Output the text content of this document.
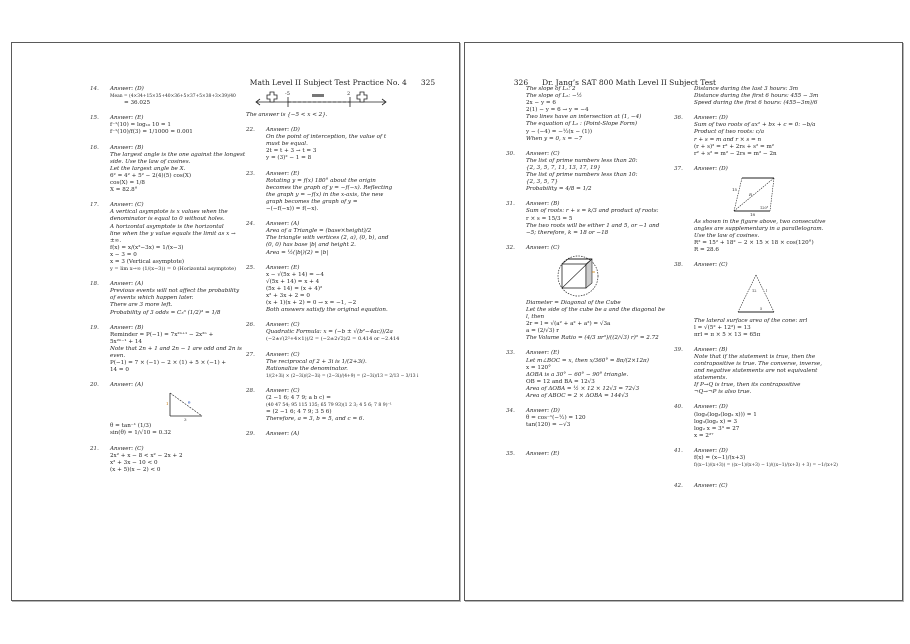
Math Level II Subject Test Practice No. 4 325	326 Dr. Jang’s SAT 800 Math Level II Subject Test

14. Answer: (D)
Mean = (4×34+15×35+40×36+5×37+5×38+3×39)/40
= 36.025
15. Answer: (E)
f⁻¹(10) = log₁₀ 10 = 1
f⁻¹(10)/f(3) = 1/1000 = 0.001
16. Answer: (B)
The largest angle is the one against the longest
side. Use the law of cosines.
Let the largest angle be X.
6² = 4² + 5² − 2(4)(5) cos(X)
cos(X) = 1/8
X = 82.8°
17. Answer: (C)
A vertical asymptote is x values when the
denominator is equal to 0 without holes.
A horizontal asymptote is the horizontal
line when the y value equals the limit as x →
±∞.
f(x) = x/(x²−3x) = 1/(x−3)
x − 3 = 0
x = 3 (Vertical asymptote)
y = lim x→∞ (1/(x−3)) = 0 (Horizontal asymptote)
18. Answer: (A)
Previous events will not affect the probability
of events which happen later.
There are 3 more left.
Probability of 3 odds = C₃³ (1/2)³ = 1/8
19. Answer: (B)
Reminder = P(−1) = 7x²ⁿ⁺¹ − 2x²ⁿ +
5x²ⁿ⁻¹ + 14
Note that 2n + 1 and 2n − 1 are odd and 2n is
even.
P(−1) = 7 × (−1) − 2 × (1) + 5 × (−1) +
14 = 0
20. Answer: (A)
1
3
θ
θ = tan⁻¹ (1/3)
sin(θ) = 1/√10 = 0.32
21. Answer: (C)
2x² + x − 8 < x² − 2x + 2
x² + 3x − 10 < 0
(x + 5)(x − 2) < 0
-5	2
The answer is {−5 < x < 2}.
22. Answer: (D)
On the point of interception, the value of t
must be equal.
2t = t + 3 → t = 3
y = (3)² − 1 = 8
23. Answer: (E)
Rotating y = f(x) 180° about the origin
becomes the graph of y = −f(−x). Reflecting
the graph y = −f(x) in the x-axis, the new
graph becomes the graph of y =
−(−f(−x)) = f(−x).
24. Answer: (A)
Area of a Triangle = (base×height)/2
The triangle with vertices (2, a), (0, b), and
(0, 0) has base |b| and height 2.
Area = ½(|b|)(2) = |b|
25. Answer: (E)
x − √(5x + 14) = −4
√(5x + 14) = x + 4
(5x + 14) = (x + 4)²
x² + 3x + 2 = 0
(x + 1)(x + 2) = 0 → x = −1, −2
Both answers satisfy the original equation.
26. Answer: (C)
Quadratic Formula: x = (−b ± √(b²−4ac))/2a
(−2±√(2²+4×1))/2 = (−2±2√2)/2 = 0.414 or −2.414
27. Answer: (C)
The reciprocal of 2 + 3i is 1/(2+3i).
Rationalize the denominator.
1/(2+3i) × (2−3i)/(2−3i) = (2−3i)/(4+9) = (2−3i)/13 = 2/13 − 3/13 i
28. Answer: (C)
(2 −1 6; 4 7 9; a b c) =
(40 47 54; 95 115 135; 65 79 93)(1 2 3; 4 5 6; 7 8 9)⁻¹
= (2 −1 6; 4 7 9; 3 5 6)
Therefore, a = 3, b = 5, and c = 6.
29. Answer: (A)
The slope of L₁: 2
The slope of L₂: −½
2x − y = 6
2(1) − y = 6 → y = −4
Two lines have an intersection at (1, −4)
The equation of L₂ : (Point-Slope Form)
y − (−4) = −½(x − (1))
When y = 0, x = −7
30. Answer: (C)
The list of prime numbers less than 20:
{2, 3, 5, 7, 11, 13, 17, 19}
The list of prime numbers less than 10:
{2, 3, 5, 7}
Probability = 4/8 = 1/2
31. Answer: (B)
Sum of roots: r + s = k/3 and product of roots:
r × s = 15/3 = 5
The two roots will be either 1 and 5, or −1 and
−5; therefore, k = 18 or −18
32. Answer: (C)
Diameter = Diagonal of the Cube
Let the side of the cube be a and the diagonal be
l, then
2r = l = √(a² + a² + a²) = √3a
a = (2/√3) r
The Volume Ratio = (4/3 πr³)/((2/√3) r)³ = 2.72
33. Answer: (E)
Let m∠BOC = x, then x/360° = 8π/(2×12π)
x = 120°
ΔOBA is a 30° − 60° − 90° triangle.
OB = 12 and BA = 12√3
Area of ΔOBA = ½ × 12 × 12√3 = 72√3
Area of ABOC = 2 × ΔOBA = 144√3
34. Answer: (D)
θ = cos⁻¹(−½) = 120
tan(120) = −√3
35. Answer: (E)
Distance during the last 3 hours: 3m
Distance during the first 6 hours: 455 − 3m
Speed during the first 6 hours: (455−3m)/6
36. Answer: (D)
Sum of two roots of ax² + bx + c = 0: −b/a
Product of two roots: c/a
r + s = m and r × s = n
(r + s)² = r² + 2rs + s² = m²
r² + s² = m² − 2rs = m² − 2n
37. Answer: (D)
15
R
18
120°
As shown in the figure above, two consecutive
angles are supplementary in a parallelogram.
Use the law of cosines.
R² = 15² + 18² − 2 × 15 × 18 × cos(120°)
R = 28.6
38. Answer: (C)
12	l
5
The lateral surface area of the cone: πrl
l = √(5² + 12²) = 13
πrl = π × 5 × 13 = 65π
39. Answer: (B)
Note that if the statement is true, then the
contrapositive is true. The converse, inverse,
and negative statements are not equivalent
statements.
If P→Q is true, then its contrapositive
¬Q→¬P is also true.
40. Answer: (D)
(log₃(log₃(log₂ x))) = 1
log₃(log₂ x) = 3
log₂ x = 3³ = 27
x = 2²⁷
41. Answer: (D)
f(x) = (x−1)/(x+3)
f((x−1)/(x+3)) = ((x−1)/(x+3) − 1)/((x−1)/(x+3) + 3) = −1/(x+2)
42. Answer: (C)
